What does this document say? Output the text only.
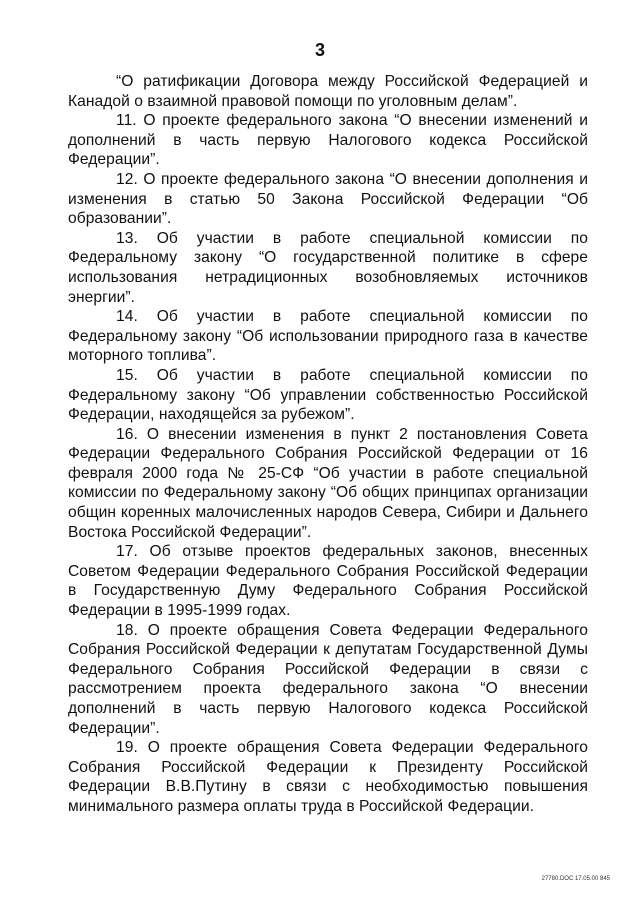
3

“О ратификации Договора между Российской Федерацией и Канадой о взаимной правовой помощи по уголовным делам”.

11. О проекте федерального закона “О внесении изменений и дополнений в часть первую Налогового кодекса Российской Федерации”.

12. О проекте федерального закона “О внесении дополнения и изменения в статью 50 Закона Российской Федерации “Об образовании”.

13. Об участии в работе специальной комиссии по Федеральному закону “О государственной политике в сфере использования нетрадиционных возобновляемых источников энергии”.

14. Об участии в работе специальной комиссии по Федеральному закону “Об использовании природного газа в качестве моторного топлива”.

15. Об участии в работе специальной комиссии по Федеральному закону “Об управлении собственностью Российской Федерации, находящейся за рубежом”.

16. О внесении изменения в пункт 2 постановления Совета Федерации Федерального Собрания Российской Федерации от 16 февраля 2000 года № 25-СФ “Об участии в работе специальной комиссии по Федеральному закону “Об общих принципах организации общин коренных малочисленных народов Севера, Сибири и Дальнего Востока Российской Федерации”.

17. Об отзыве проектов федеральных законов, внесенных Советом Федерации Федерального Собрания Российской Федерации в Государственную Думу Федерального Собрания Российской Федерации в 1995-1999 годах.

18. О проекте обращения Совета Федерации Федерального Собрания Российской Федерации к депутатам Государственной Думы Федерального Собрания Российской Федерации в связи с рассмотрением проекта федерального закона “О внесении дополнений в часть первую Налогового кодекса Российской Федерации”.

19. О проекте обращения Совета Федерации Федерального Собрания Российской Федерации к Президенту Российской Федерации В.В.Путину в связи с необходимостью повышения минимального размера оплаты труда в Российской Федерации.

27780.DOC 17.05.00 845
